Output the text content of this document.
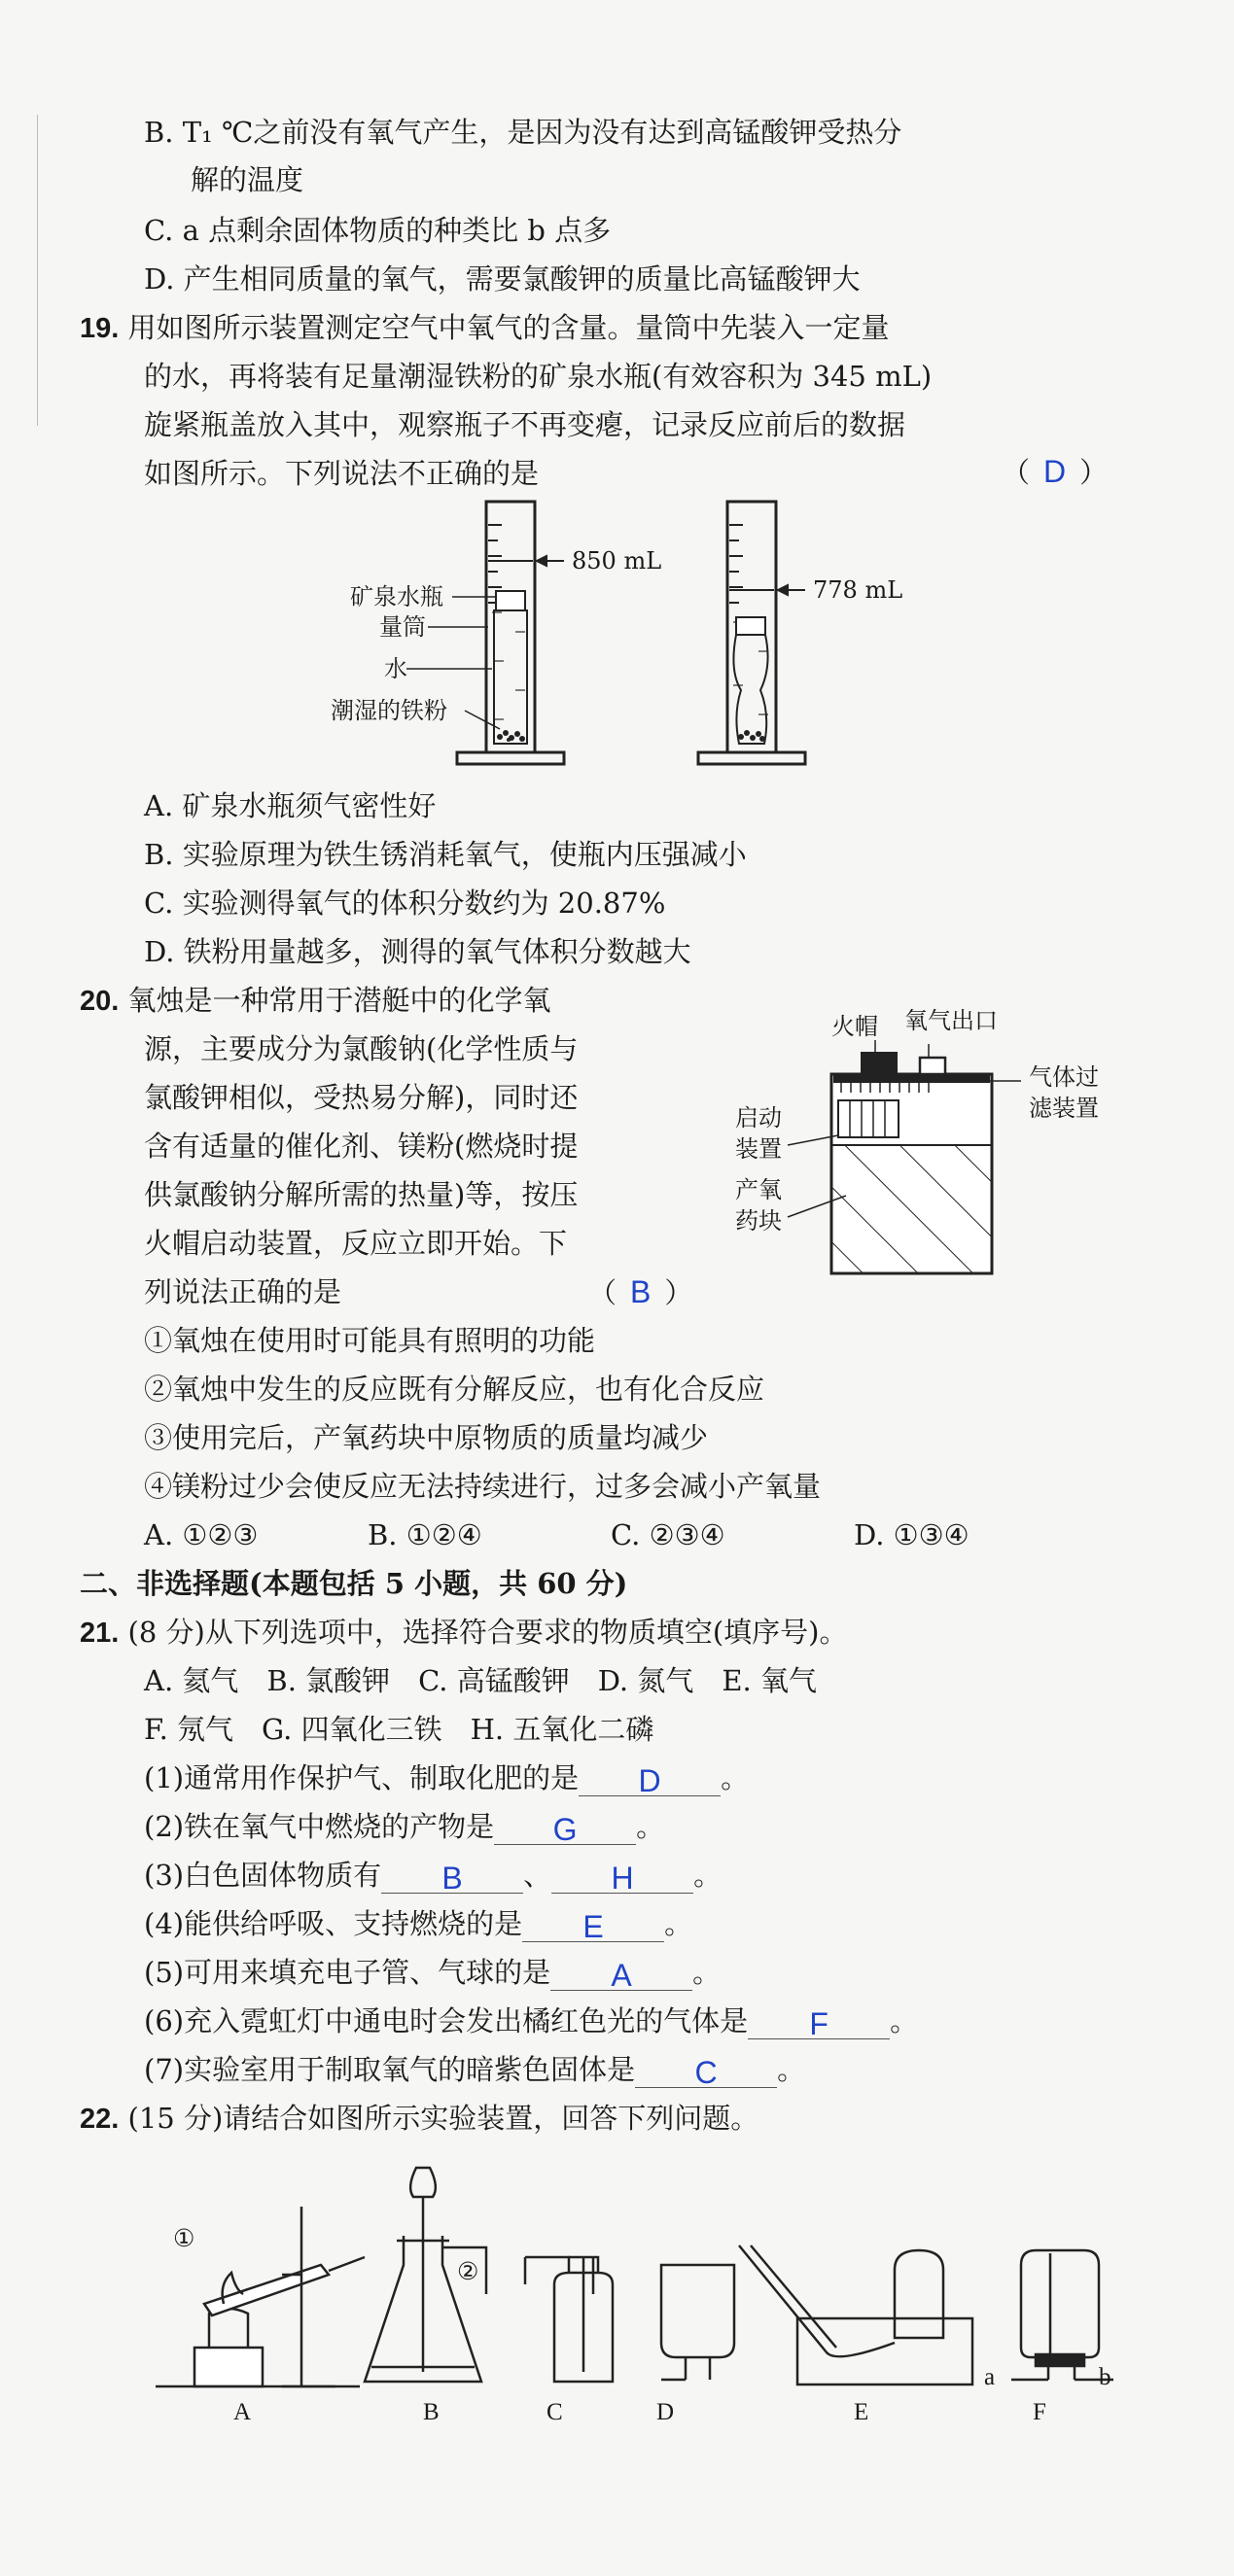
B. T₁ ℃之前没有氧气产生，是因为没有达到高锰酸钾受热分
解的温度
C. a 点剩余固体物质的种类比 b 点多
D. 产生相同质量的氧气，需要氯酸钾的质量比高锰酸钾大
19. 用如图所示装置测定空气中氧气的含量。量筒中先装入一定量
的水，再将装有足量潮湿铁粉的矿泉水瓶(有效容积为 345 mL)
旋紧瓶盖放入其中，观察瓶子不再变瘪，记录反应前后的数据
如图所示。下列说法不正确的是	（ D ）
850 mL
778 mL
矿泉水瓶
量筒
水
潮湿的铁粉
A. 矿泉水瓶须气密性好
B. 实验原理为铁生锈消耗氧气，使瓶内压强减小
C. 实验测得氧气的体积分数约为 20.87%
D. 铁粉用量越多，测得的氧气体积分数越大
20. 氧烛是一种常用于潜艇中的化学氧
源，主要成分为氯酸钠(化学性质与
氯酸钾相似，受热易分解)，同时还
含有适量的催化剂、镁粉(燃烧时提
供氯酸钠分解所需的热量)等，按压
火帽启动装置，反应立即开始。下
列说法正确的是	（ B ）
火帽 氧气出口
气体过
滤装置
启动
装置
产氧
药块
①氧烛在使用时可能具有照明的功能
②氧烛中发生的反应既有分解反应，也有化合反应
③使用完后，产氧药块中原物质的质量均减少
④镁粉过少会使反应无法持续进行，过多会减小产氧量
A. ①②③	B. ①②④	C. ②③④	D. ①③④
二、非选择题(本题包括 5 小题，共 60 分)
21. (8 分)从下列选项中，选择符合要求的物质填空(填序号)。
A. 氦气　B. 氯酸钾　C. 高锰酸钾　D. 氮气　E. 氧气
F. 氖气　G. 四氧化三铁　H. 五氧化二磷
(1)通常用作保护气、制取化肥的是 D 。
(2)铁在氧气中燃烧的产物是 G 。
(3)白色固体物质有 B 、 H 。
(4)能供给呼吸、支持燃烧的是 E 。
(5)可用来填充电子管、气球的是 A 。
(6)充入霓虹灯中通电时会发出橘红色光的气体是 F 。
(7)实验室用于制取氧气的暗紫色固体是 C 。
22. (15 分)请结合如图所示实验装置，回答下列问题。
①
②
a	b
A	B	C	D	E	F
